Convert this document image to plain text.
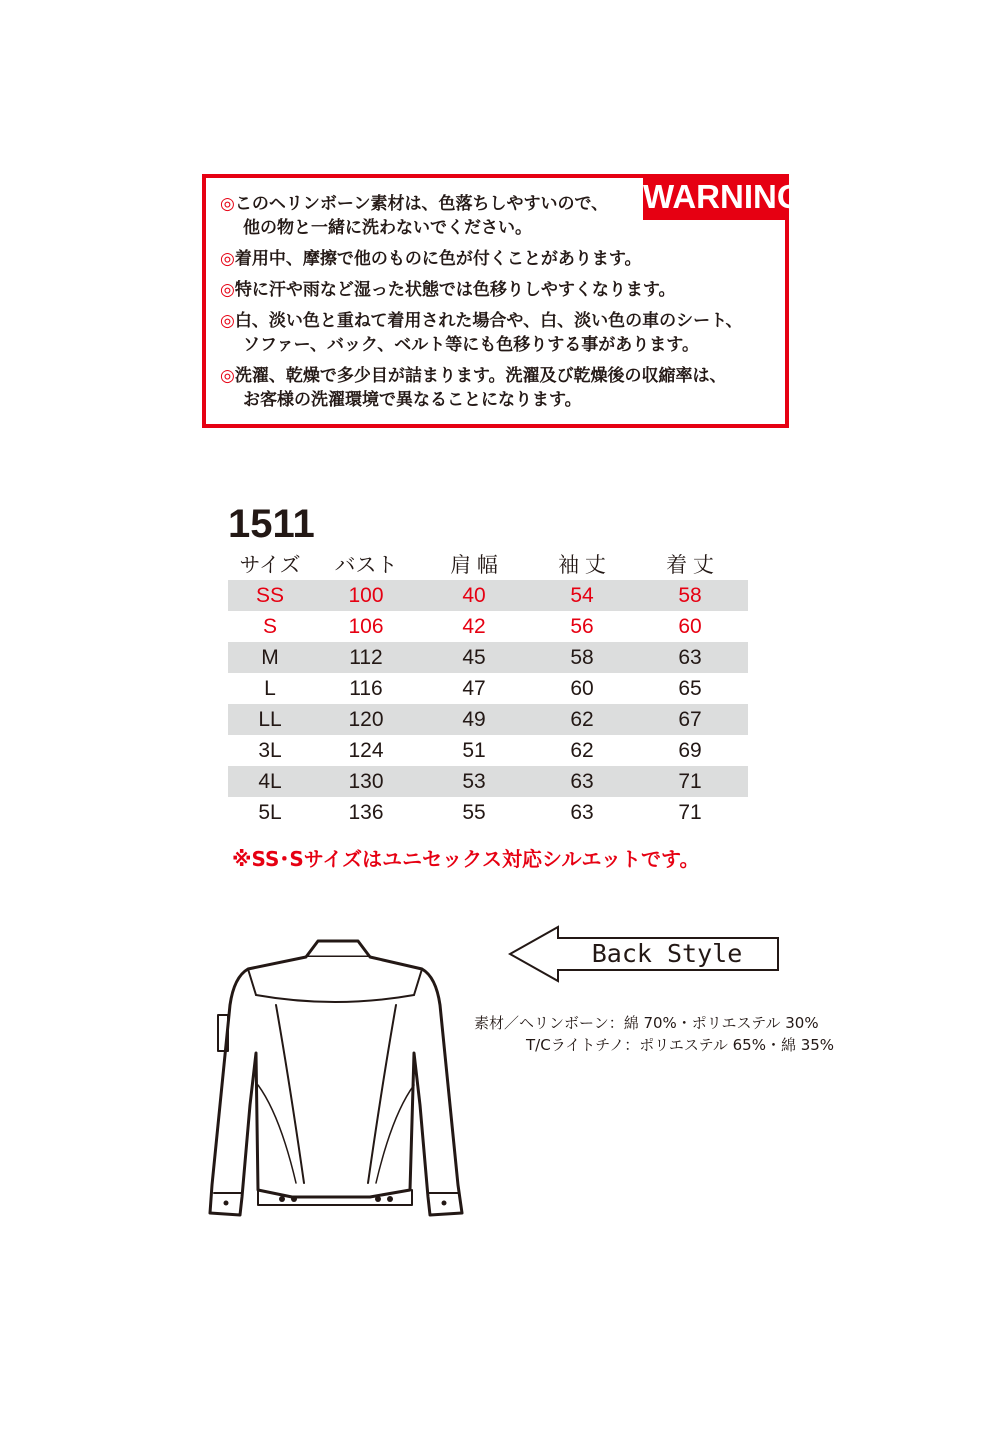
WARNING
◎このヘリンボーン素材は、色落ちしやすいので、
他の物と一緒に洗わないでください。
◎着用中、摩擦で他のものに色が付くことがあります。
◎特に汗や雨など湿った状態では色移りしやすくなります。
◎白、淡い色と重ねて着用された場合や、白、淡い色の車のシート、
ソファー、バック、ベルト等にも色移りする事があります。
◎洗濯、乾燥で多少目が詰まります。洗濯及び乾燥後の収縮率は、
お客様の洗濯環境で異なることになります。
1511
サイズ	バスト	肩 幅	袖 丈	着 丈
SS	100	40	54	58
S	106	42	56	60
M	112	45	58	63
L	116	47	60	65
LL	120	49	62	67
3L	124	51	62	69
4L	130	53	63	71
5L	136	55	63	71
※SS･Sサイズはユニセックス対応シルエットです。
Back Style
素材／ヘリンボーン：綿 70%・ポリエステル 30%
T/Cライトチノ：ポリエステル 65%・綿 35%
